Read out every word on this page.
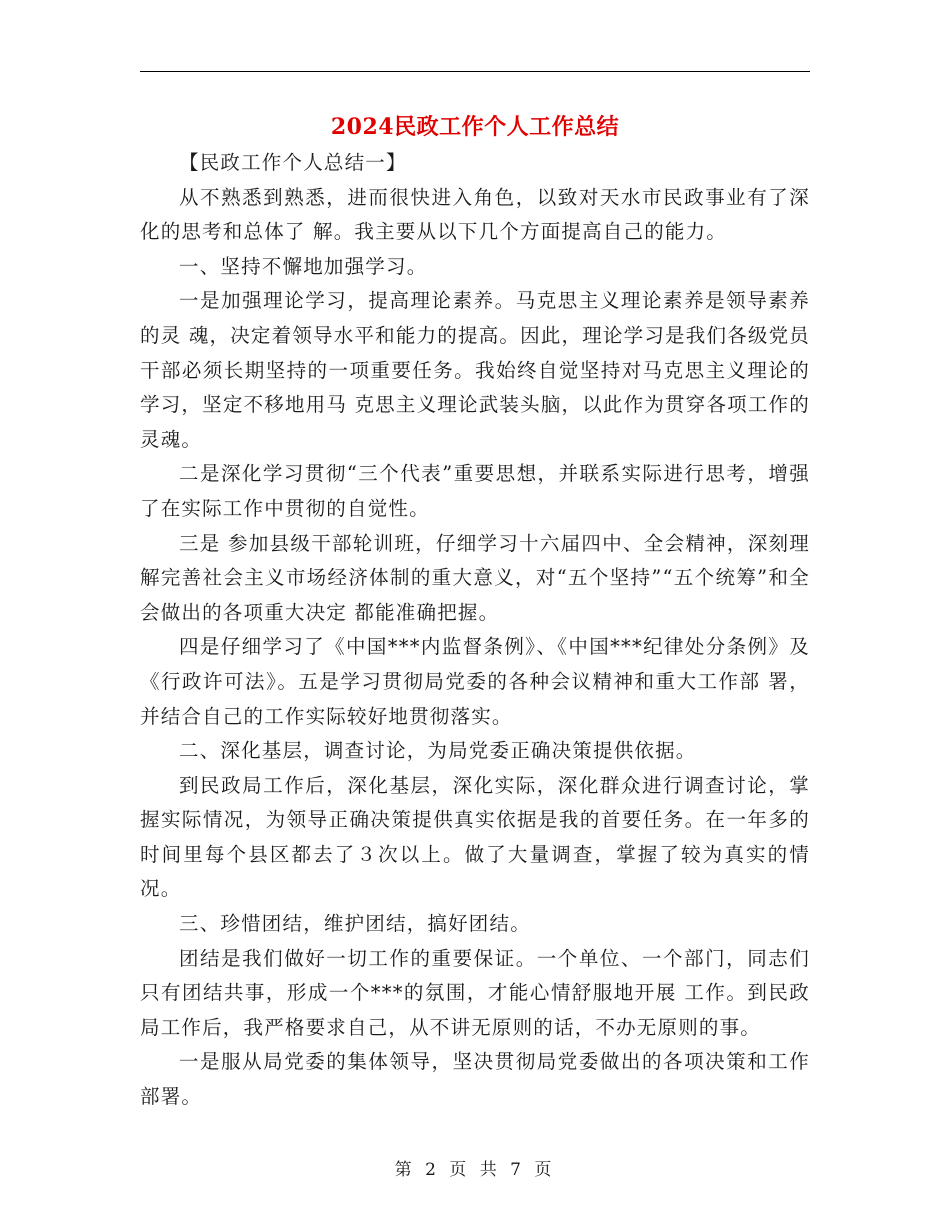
2024民政工作个人工作总结

【民政工作个人总结一】

从不熟悉到熟悉，进而很快进入角色，以致对天水市民政事业有了深化的思考和总体了 解。我主要从以下几个方面提高自己的能力。

一、坚持不懈地加强学习。

一是加强理论学习，提高理论素养。马克思主义理论素养是领导素养的灵 魂，决定着领导水平和能力的提高。因此，理论学习是我们各级党员干部必须长期坚持的一项重要任务。我始终自觉坚持对马克思主义理论的学习，坚定不移地用马 克思主义理论武装头脑，以此作为贯穿各项工作的灵魂。

二是深化学习贯彻“三个代表”重要思想，并联系实际进行思考，增强了在实际工作中贯彻的自觉性。

三是 参加县级干部轮训班，仔细学习十六届四中、全会精神，深刻理解完善社会主义市场经济体制的重大意义，对“五个坚持”“五个统筹”和全会做出的各项重大决定 都能准确把握。

四是仔细学习了《中国***内监督条例》、《中国***纪律处分条例》及《行政许可法》。五是学习贯彻局党委的各种会议精神和重大工作部 署，并结合自己的工作实际较好地贯彻落实。

二、深化基层，调查讨论，为局党委正确决策提供依据。

到民政局工作后，深化基层，深化实际，深化群众进行调查讨论，掌握实际情况，为领导正确决策提供真实依据是我的首要任务。在一年多的时间里每个县区都去了３次以上。做了大量调查，掌握了较为真实的情况。

三、珍惜团结，维护团结，搞好团结。

团结是我们做好一切工作的重要保证。一个单位、一个部门，同志们只有团结共事，形成一个***的氛围，才能心情舒服地开展 工作。到民政局工作后，我严格要求自己，从不讲无原则的话，不办无原则的事。

一是服从局党委的集体领导，坚决贯彻局党委做出的各项决策和工作部署。

第 2 页 共 7 页
